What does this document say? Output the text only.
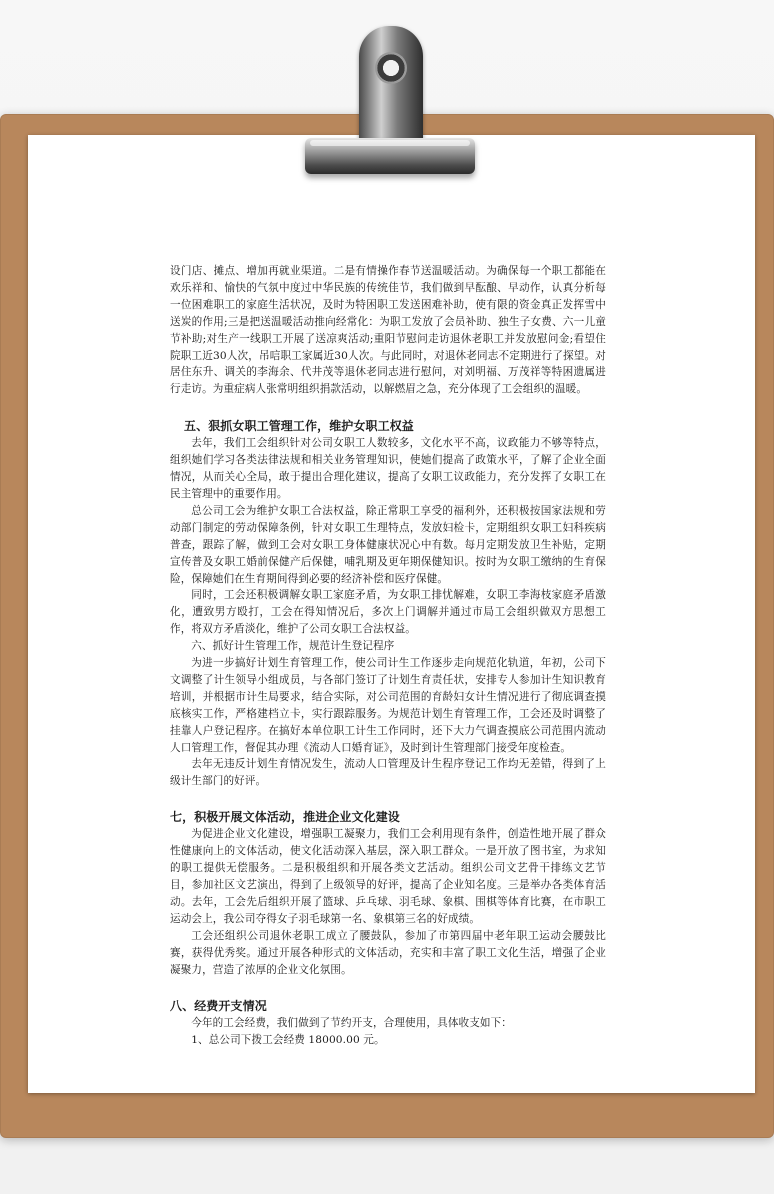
设门店、摊点、增加再就业渠道。二是有情操作春节送温暖活动。为确保每一个职工都能在欢乐祥和、愉快的气氛中度过中华民族的传统佳节，我们做到早酝酿、早动作，认真分析每一位困难职工的家庭生活状况，及时为特困职工发送困难补助，使有限的资金真正发挥雪中送炭的作用;三是把送温暖活动推向经常化：为职工发放了会员补助、独生子女费、六一儿童节补助;对生产一线职工开展了送凉爽活动;重阳节慰问走访退休老职工并发放慰问金;看望住院职工近30人次，吊唁职工家属近30人次。与此同时，对退休老同志不定期进行了探望。对居住东升、调关的李海余、代井茂等退休老同志进行慰问，对刘明福、万茂祥等特困遗属进行走访。为重症病人张常明组织捐款活动，以解燃眉之急，充分体现了工会组织的温暖。

五、狠抓女职工管理工作，维护女职工权益

去年，我们工会组织针对公司女职工人数较多，文化水平不高，议政能力不够等特点，组织她们学习各类法律法规和相关业务管理知识，使她们提高了政策水平，了解了企业全面情况，从而关心全局，敢于提出合理化建议，提高了女职工议政能力，充分发挥了女职工在民主管理中的重要作用。

总公司工会为维护女职工合法权益，除正常职工享受的福利外，还积极按国家法规和劳动部门制定的劳动保障条例，针对女职工生理特点，发放妇检卡，定期组织女职工妇科疾病普查，跟踪了解，做到工会对女职工身体健康状况心中有数。每月定期发放卫生补贴，定期宣传普及女职工婚前保健产后保健，哺乳期及更年期保健知识。按时为女职工缴纳的生育保险，保障她们在生育期间得到必要的经济补偿和医疗保健。

同时，工会还积极调解女职工家庭矛盾，为女职工排忧解难，女职工李海枝家庭矛盾激化，遭致男方殴打，工会在得知情况后，多次上门调解并通过市局工会组织做双方思想工作，将双方矛盾淡化，维护了公司女职工合法权益。

六、抓好计生管理工作，规范计生登记程序

为进一步搞好计划生育管理工作，使公司计生工作逐步走向规范化轨道，年初，公司下文调整了计生领导小组成员，与各部门签订了计划生育责任状，安排专人参加计生知识教育培训，并根据市计生局要求，结合实际，对公司范围的育龄妇女计生情况进行了彻底调查摸底核实工作，严格建档立卡，实行跟踪服务。为规范计划生育管理工作，工会还及时调整了挂靠人户登记程序。在搞好本单位职工计生工作同时，还下大力气调查摸底公司范围内流动人口管理工作，督促其办理《流动人口婚育证》，及时到计生管理部门接受年度检查。

去年无违反计划生育情况发生，流动人口管理及计生程序登记工作均无差错，得到了上级计生部门的好评。

七，积极开展文体活动，推进企业文化建设

为促进企业文化建设，增强职工凝聚力，我们工会利用现有条件，创造性地开展了群众性健康向上的文体活动，使文化活动深入基层，深入职工群众。一是开放了图书室，为求知的职工提供无偿服务。二是积极组织和开展各类文艺活动。组织公司文艺骨干排练文艺节目，参加社区文艺演出，得到了上级领导的好评，提高了企业知名度。三是举办各类体育活动。去年，工会先后组织开展了篮球、乒乓球、羽毛球、象棋、围棋等体育比赛，在市职工运动会上，我公司夺得女子羽毛球第一名、象棋第三名的好成绩。

工会还组织公司退休老职工成立了腰鼓队，参加了市第四届中老年职工运动会腰鼓比赛，获得优秀奖。通过开展各种形式的文体活动，充实和丰富了职工文化生活，增强了企业凝聚力，营造了浓厚的企业文化氛围。

八、经费开支情况

今年的工会经费，我们做到了节约开支，合理使用，具体收支如下：

1、总公司下拨工会经费 18000.00 元。
